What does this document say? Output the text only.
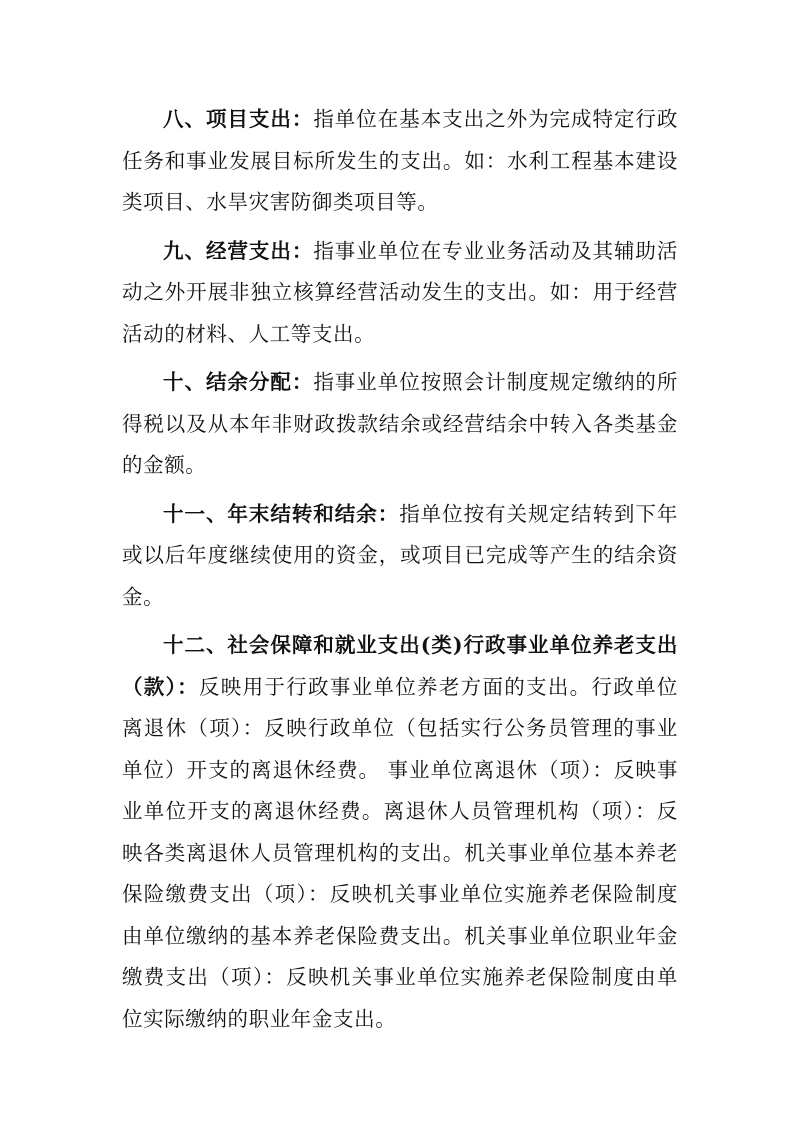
八、项目支出：指单位在基本支出之外为完成特定行政任务和事业发展目标所发生的支出。如：水利工程基本建设类项目、水旱灾害防御类项目等。

九、经营支出：指事业单位在专业业务活动及其辅助活动之外开展非独立核算经营活动发生的支出。如：用于经营活动的材料、人工等支出。

十、结余分配：指事业单位按照会计制度规定缴纳的所得税以及从本年非财政拨款结余或经营结余中转入各类基金的金额。

十一、年末结转和结余：指单位按有关规定结转到下年或以后年度继续使用的资金，或项目已完成等产生的结余资金。

十二、社会保障和就业支出(类)行政事业单位养老支出（款）：反映用于行政事业单位养老方面的支出。行政单位离退休（项）：反映行政单位（包括实行公务员管理的事业单位）开支的离退休经费。 事业单位离退休（项）：反映事业单位开支的离退休经费。离退休人员管理机构（项）：反映各类离退休人员管理机构的支出。机关事业单位基本养老保险缴费支出（项）：反映机关事业单位实施养老保险制度由单位缴纳的基本养老保险费支出。机关事业单位职业年金缴费支出（项）：反映机关事业单位实施养老保险制度由单位实际缴纳的职业年金支出。
